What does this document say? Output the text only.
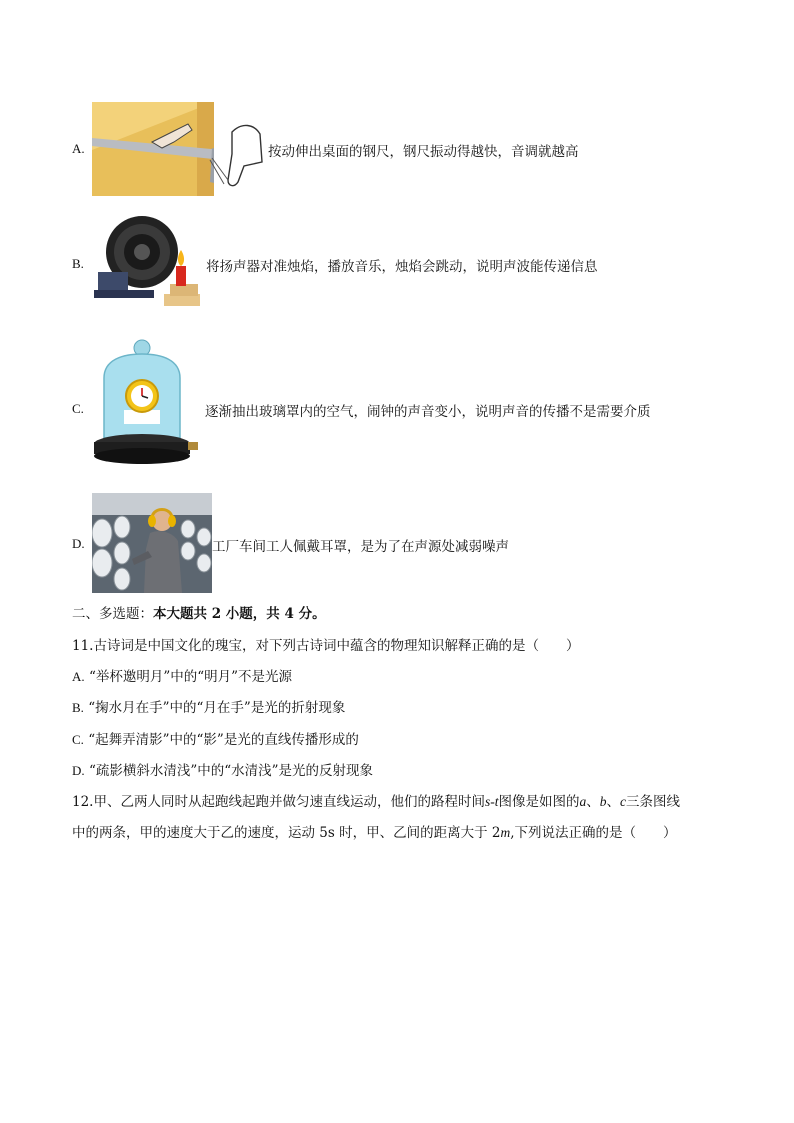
A.	按动伸出桌面的钢尺，钢尺振动得越快，音调就越高
B.	将扬声器对准烛焰，播放音乐，烛焰会跳动，说明声波能传递信息
C.	逐渐抽出玻璃罩内的空气，闹钟的声音变小，说明声音的传播不是需要介质
D.	工厂车间工人佩戴耳罩，是为了在声源处减弱噪声
二、多选题：本大题共 2 小题，共 4 分。
11.古诗词是中国文化的瑰宝，对下列古诗词中蕴含的物理知识解释正确的是（　　）
A. “举杯邀明月”中的“明月”不是光源
B. “掬水月在手”中的“月在手”是光的折射现象
C. “起舞弄清影”中的“影”是光的直线传播形成的
D. “疏影横斜水清浅”中的“水清浅”是光的反射现象
12.甲、乙两人同时从起跑线起跑并做匀速直线运动，他们的路程时间s-t图像是如图的a、b、c三条图线
中的两条，甲的速度大于乙的速度，运动 5s 时，甲、乙间的距离大于 2m,下列说法正确的是（　　）
